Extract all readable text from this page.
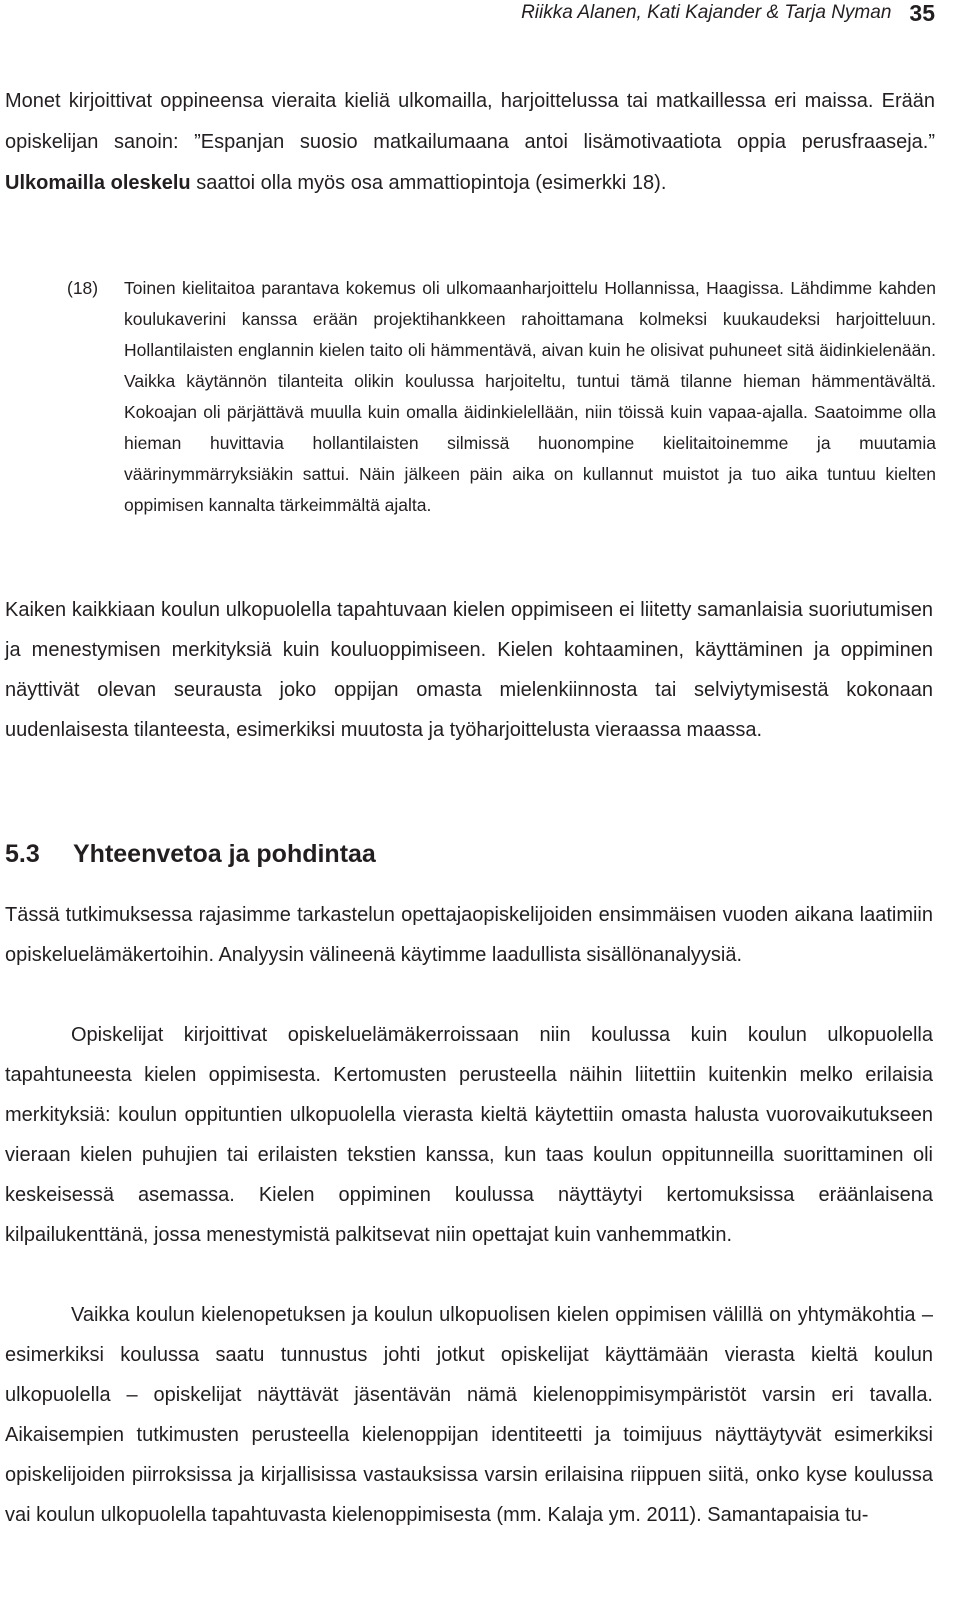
Riikka Alanen, Kati Kajander & Tarja Nyman 35

Monet kirjoittivat oppineensa vieraita kieliä ulkomailla, harjoittelussa tai matkaillessa eri maissa. Erään opiskelijan sanoin: ”Espanjan suosio matkailumaana antoi lisämotivaatiota oppia perusfraaseja.” Ulkomailla oleskelu saattoi olla myös osa ammattiopintoja (esimerkki 18).

(18) Toinen kielitaitoa parantava kokemus oli ulkomaanharjoittelu Hollannissa, Haagissa. Lähdimme kahden koulukaverini kanssa erään projektihankkeen rahoittamana kolmeksi kuukaudeksi harjoitteluun. Hollantilaisten englannin kielen taito oli hämmentävä, aivan kuin he olisivat puhuneet sitä äidinkielenään. Vaikka käytännön tilanteita olikin koulussa harjoiteltu, tuntui tämä tilanne hieman hämmentävältä. Kokoajan oli pärjättävä muulla kuin omalla äidinkielellään, niin töissä kuin vapaa-ajalla. Saatoimme olla hieman huvittavia hollantilaisten silmissä huonompine kielitaitoinemme ja muutamia väärinymmärryksiäkin sattui. Näin jälkeen päin aika on kullannut muistot ja tuo aika tuntuu kielten oppimisen kannalta tärkeimmältä ajalta.

Kaiken kaikkiaan koulun ulkopuolella tapahtuvaan kielen oppimiseen ei liitetty samanlaisia suoriutumisen ja menestymisen merkityksiä kuin kouluoppimiseen. Kielen kohtaaminen, käyttäminen ja oppiminen näyttivät olevan seurausta joko oppijan omasta mielenkiinnosta tai selviytymisestä kokonaan uudenlaisesta tilanteesta, esimerkiksi muutosta ja työharjoittelusta vieraassa maassa.

5.3	Yhteenvetoa ja pohdintaa

Tässä tutkimuksessa rajasimme tarkastelun opettajaopiskelijoiden ensimmäisen vuoden aikana laatimiin opiskeluelämäkertoihin. Analyysin välineenä käytimme laadullista sisällönanalyysiä.

Opiskelijat kirjoittivat opiskeluelämäkerroissaan niin koulussa kuin koulun ulkopuolella tapahtuneesta kielen oppimisesta. Kertomusten perusteella näihin liitettiin kuitenkin melko erilaisia merkityksiä: koulun oppituntien ulkopuolella vierasta kieltä käytettiin omasta halusta vuorovaikutukseen vieraan kielen puhujien tai erilaisten tekstien kanssa, kun taas koulun oppitunneilla suorittaminen oli keskeisessä asemassa. Kielen oppiminen koulussa näyttäytyi kertomuksissa eräänlaisena kilpailukenttänä, jossa menestymistä palkitsevat niin opettajat kuin vanhemmatkin.

Vaikka koulun kielenopetuksen ja koulun ulkopuolisen kielen oppimisen välillä on yhtymäkohtia – esimerkiksi koulussa saatu tunnustus johti jotkut opiskelijat käyttämään vierasta kieltä koulun ulkopuolella – opiskelijat näyttävät jäsentävän nämä kielenoppimisympäristöt varsin eri tavalla. Aikaisempien tutkimusten perusteella kielenoppijan identiteetti ja toimijuus näyttäytyvät esimerkiksi opiskelijoiden piirroksissa ja kirjallisissa vastauksissa varsin erilaisina riippuen siitä, onko kyse koulussa vai koulun ulkopuolella tapahtuvasta kielenoppimisesta (mm. Kalaja ym. 2011). Samantapaisia tu-
